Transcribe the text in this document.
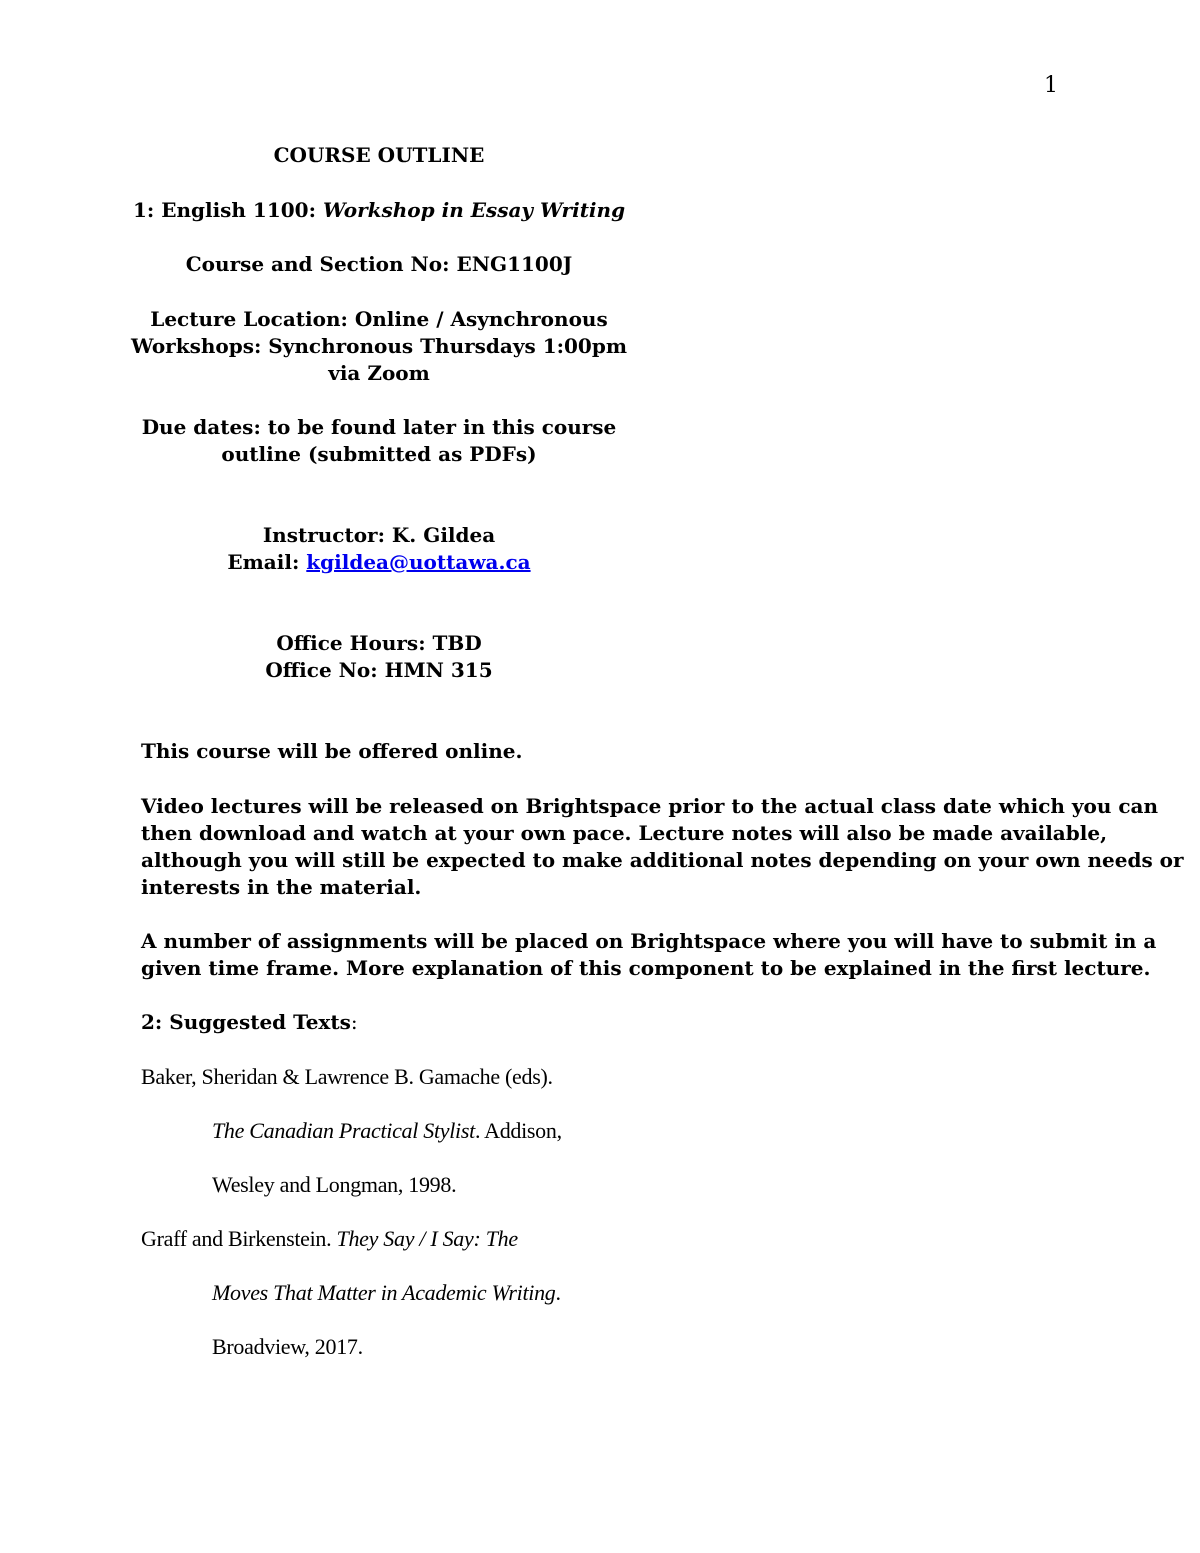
1
COURSE OUTLINE
1: English 1100: Workshop in Essay Writing
Course and Section No: ENG1100J
Lecture Location: Online / Asynchronous
Workshops: Synchronous Thursdays 1:00pm
via Zoom
Due dates: to be found later in this course
outline (submitted as PDFs)
Instructor: K. Gildea
Email: kgildea@uottawa.ca
Office Hours: TBD
Office No: HMN 315
This course will be offered online.
Video lectures will be released on Brightspace prior to the actual class date which you can
then download and watch at your own pace. Lecture notes will also be made available,
although you will still be expected to make additional notes depending on your own needs or
interests in the material.
A number of assignments will be placed on Brightspace where you will have to submit in a
given time frame. More explanation of this component to be explained in the first lecture.
2: Suggested Texts:
Baker, Sheridan & Lawrence B. Gamache (eds).
The Canadian Practical Stylist. Addison,
Wesley and Longman, 1998.
Graff and Birkenstein. They Say / I Say: The
Moves That Matter in Academic Writing.
Broadview, 2017.
